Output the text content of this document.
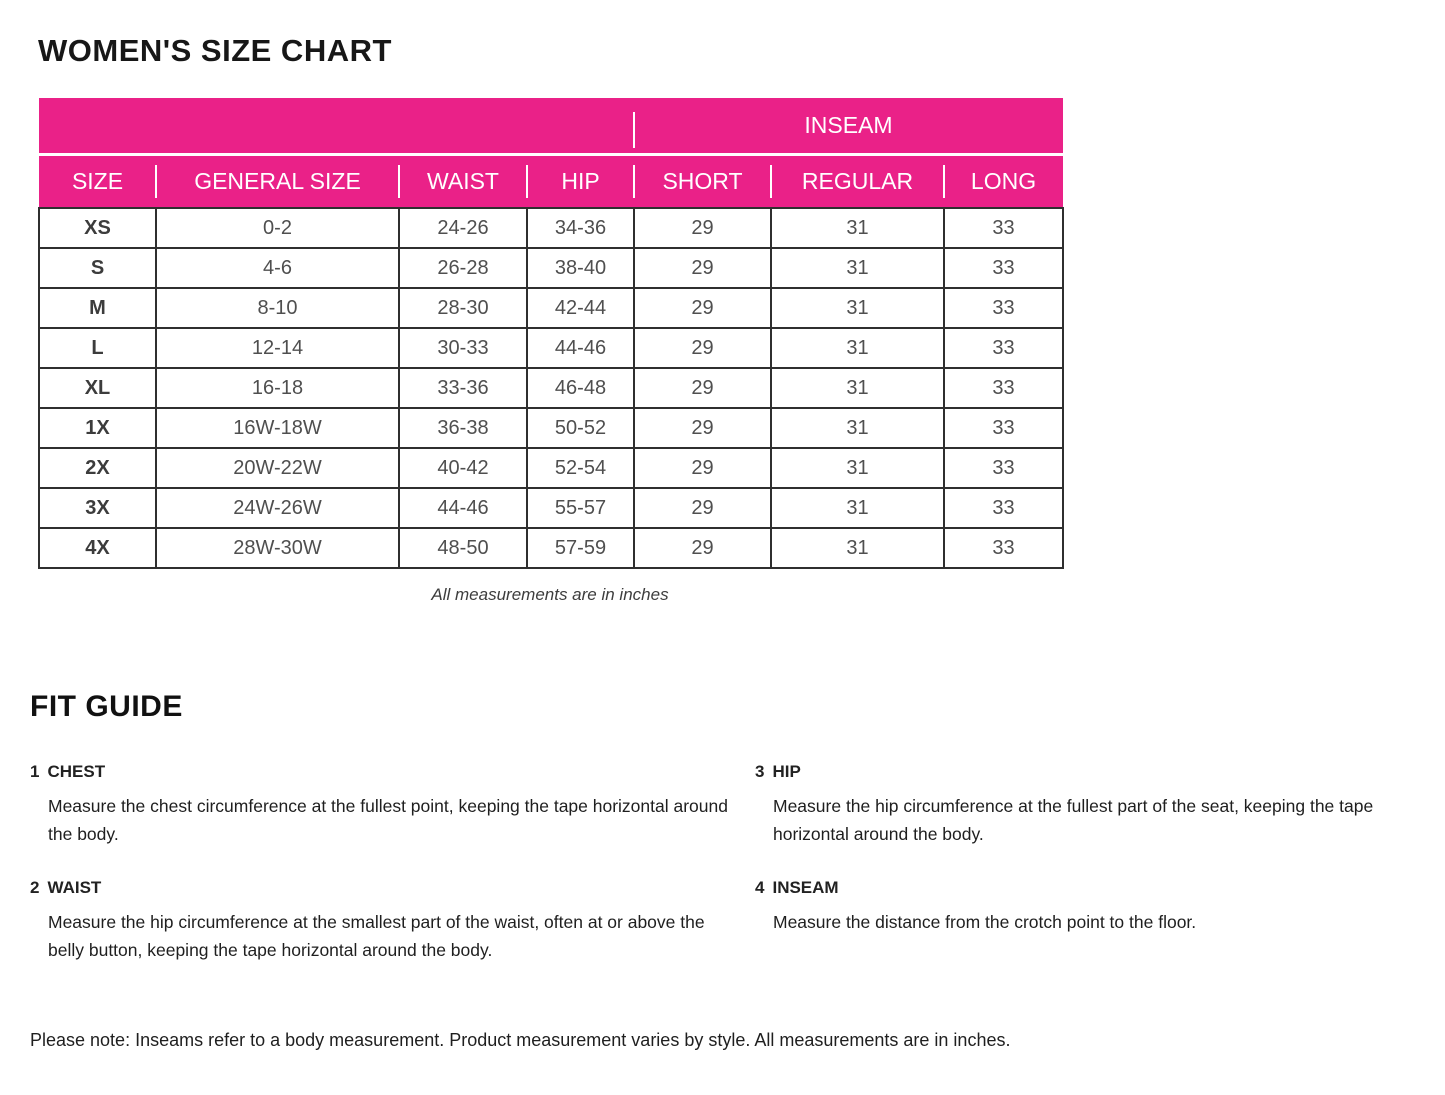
WOMEN'S SIZE CHART
				INSEAM		
SIZE	GENERAL SIZE	WAIST	HIP	SHORT	REGULAR	LONG
XS	0-2	24-26	34-36	29	31	33
S	4-6	26-28	38-40	29	31	33
M	8-10	28-30	42-44	29	31	33
L	12-14	30-33	44-46	29	31	33
XL	16-18	33-36	46-48	29	31	33
1X	16W-18W	36-38	50-52	29	31	33
2X	20W-22W	40-42	52-54	29	31	33
3X	24W-26W	44-46	55-57	29	31	33
4X	28W-30W	48-50	57-59	29	31	33
All measurements are in inches
FIT GUIDE
1 CHEST

Measure the chest circumference at the fullest point, keeping the tape horizontal around the body.

3 HIP

Measure the hip circumference at the fullest part of the seat, keeping the tape horizontal around the body.

2 WAIST

Measure the hip circumference at the smallest part of the waist, often at or above the belly button, keeping the tape horizontal around the body.

4 INSEAM

Measure the distance from the crotch point to the floor.

Please note: Inseams refer to a body measurement. Product measurement varies by style. All measurements are in inches.
